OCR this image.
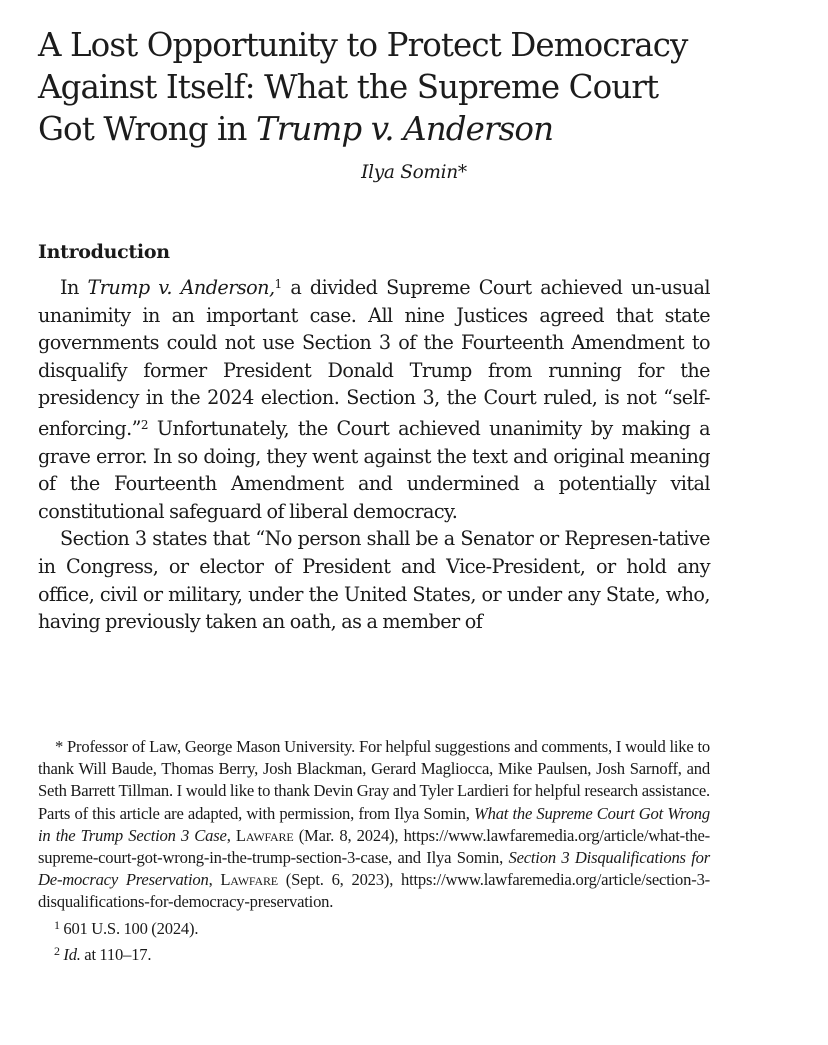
A Lost Opportunity to Protect Democracy
Against Itself: What the Supreme Court
Got Wrong in Trump v. Anderson
Ilya Somin*
Introduction

In Trump v. Anderson,$^1$ a divided Supreme Court achieved un-usual unanimity in an important case. All nine Justices agreed that state governments could not use Section 3 of the Fourteenth Amendment to disqualify former President Donald Trump from running for the presidency in the 2024 election. Section 3, the Court ruled, is not “self-enforcing.”$^2$ Unfortunately, the Court achieved unanimity by making a grave error. In so doing, they went against the text and original meaning of the Fourteenth Amendment and undermined a potentially vital constitutional safeguard of liberal democracy.

Section 3 states that “No person shall be a Senator or Represen-tative in Congress, or elector of President and Vice-President, or hold any office, civil or military, under the United States, or under any State, who, having previously taken an oath, as a member of

* Professor of Law, George Mason University. For helpful suggestions and comments, I would like to thank Will Baude, Thomas Berry, Josh Blackman, Gerard Magliocca, Mike Paulsen, Josh Sarnoff, and Seth Barrett Tillman. I would like to thank Devin Gray and Tyler Lardieri for helpful research assistance. Parts of this article are adapted, with permission, from Ilya Somin, What the Supreme Court Got Wrong in the Trump Section 3 Case, Lawfare (Mar. 8, 2024), https://www.lawfaremedia.org/article/what-the-supreme-court-got-wrong-in-the-trump-section-3-case, and Ilya Somin, Section 3 Disqualifications for De-mocracy Preservation, Lawfare (Sept. 6, 2023), https://www.lawfaremedia.org/article/section-3-disqualifications-for-democracy-preservation.

$^1$ 601 U.S. 100 (2024).

$^2$ Id. at 110–17.
